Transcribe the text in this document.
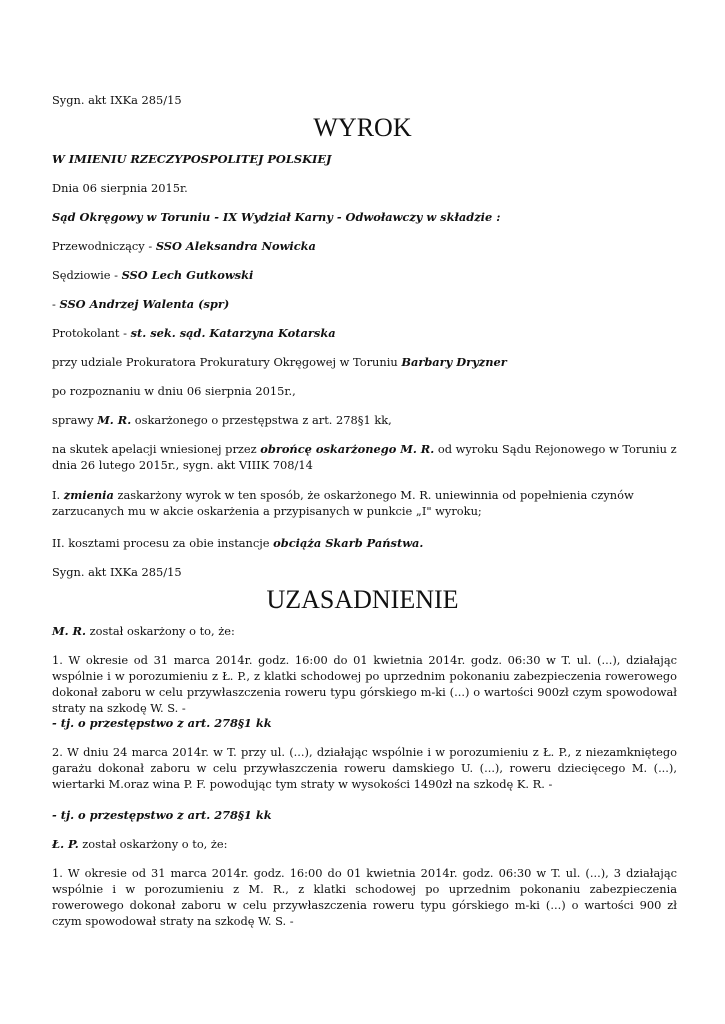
Sygn. akt IXKa 285/15

WYROK

W IMIENIU RZECZYPOSPOLITEJ POLSKIEJ

Dnia 06 sierpnia 2015r.

Sąd Okręgowy w Toruniu - IX Wydział Karny - Odwoławczy w składzie :

Przewodniczący - SSO Aleksandra Nowicka

Sędziowie - SSO Lech Gutkowski

- SSO Andrzej Walenta (spr)

Protokolant - st. sek. sąd. Katarzyna Kotarska

przy udziale Prokuratora Prokuratury Okręgowej w Toruniu Barbary Dryzner

po rozpoznaniu w dniu 06 sierpnia 2015r.,

sprawy M. R. oskarżonego o przestępstwa z art. 278§1 kk,

na skutek apelacji wniesionej przez obrońcę oskarżonego M. R. od wyroku Sądu Rejonowego w Toruniu z dnia 26 lutego 2015r., sygn. akt VIIIK 708/14

I. zmienia zaskarżony wyrok w ten sposób, że oskarżonego M. R. uniewinnia od popełnienia czynów zarzucanych mu w akcie oskarżenia a przypisanych w punkcie „I" wyroku;

II. kosztami procesu za obie instancje obciąża Skarb Państwa.

Sygn. akt IXKa 285/15

UZASADNIENIE

M. R. został oskarżony o to, że:

1. W okresie od 31 marca 2014r. godz. 16:00 do 01 kwietnia 2014r. godz. 06:30 w T. ul. (...), działając wspólnie i w porozumieniu z Ł. P., z klatki schodowej po uprzednim pokonaniu zabezpieczenia rowerowego dokonał zaboru w celu przywłaszczenia roweru typu górskiego m-ki (...) o wartości 900zł czym spowodował straty na szkodę W. S. -

- tj. o przestępstwo z art. 278§1 kk

2. W dniu 24 marca 2014r. w T. przy ul. (...), działając wspólnie i w porozumieniu z Ł. P., z niezamkniętego garażu dokonał zaboru w celu przywłaszczenia roweru damskiego U. (...), roweru dziecięcego M. (...), wiertarki M.oraz wina P. F. powodując tym straty w wysokości 1490zł na szkodę K. R. -

- tj. o przestępstwo z art. 278§1 kk

Ł. P. został oskarżony o to, że:

1. W okresie od 31 marca 2014r. godz. 16:00 do 01 kwietnia 2014r. godz. 06:30 w T. ul. (...), 3 działając wspólnie i w porozumieniu z M. R., z klatki schodowej po uprzednim pokonaniu zabezpieczenia rowerowego dokonał zaboru w celu przywłaszczenia roweru typu górskiego m-ki (...) o wartości 900 zł czym spowodował straty na szkodę W. S. -
